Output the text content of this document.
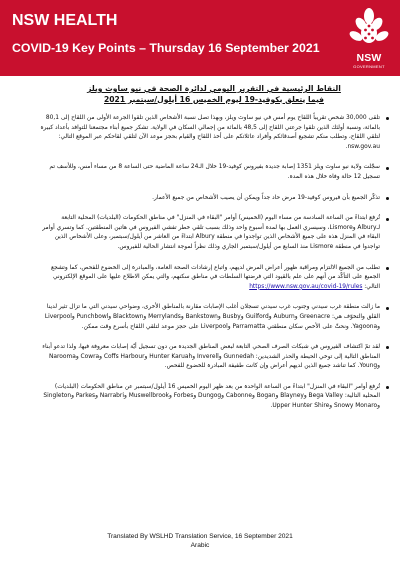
NSW HEALTH
COVID-19 Key Points – Thursday 16 September 2021
NSW
GOVERNMENT
النقاط الرئيسية في التقرير اليومي لدائرة الصحة في نيو ساوث ويلز
فيما يتعلق بكوفيد-19 ليوم الخميس 16 أيلول/سبتمبر 2021
تلقى 30,000 شخص تقريباً اللقاح يوم أمس في نيو ساوث ويلز، وبهذا تصل نسبة الأشخاص الذين تلقوا الجرعة الأولى من اللقاح إلى 80,1 بالمائة، ونسبة أولئك الذين تلقوا جرعتي اللقاح إلى 48,5 بالمائة من إجمالي السكان في الولاية. تشكر جميع أبناء مجتمعنا للتوافد بأعداد كبيرة لتلقي اللقاح، وتطلب منكم تشجيع أصدقائكم وأفراد عائلاتكم على أخذ اللقاح والقيام بحجز موعد الآن لتلقي لقاحكم عبر الموقع التالي: nsw.gov.au.
سجّلت ولاية نيو ساوث ويلز 1351 إصابة جديدة بفيروس كوفيد-19 خلال الـ24 ساعة الماضية حتى الساعة 8 من مساء أمس، وللأسف تم تسجيل 12 حالة وفاة خلال هذه المدة.
تذكّر الجميع بأن فيروس كوفيد-19 مرض حاد جداً ويمكن أن يصيب الأشخاص من جميع الأعمار.
تُرفع ابتداءً من الساعة السادسة من مساء اليوم (الخميس) أوامر "البقاء في المنزل" في مناطق الحكومات (البلديات) المحلية التابعة لـAlbury وLismore، وسيسري العمل بها لمدة أسبوع واحد وذلك بسبب تلقي خطر تفشي الفيروس في هاتين المنطقتين. كما وتسري أوامر البقاء في المنزل هذه على جميع الأشخاص الذين تواجدوا في منطقة Albury ابتداءً من العاشر من أيلول/سبتمبر، وعلى الأشخاص الذين تواجدوا في منطقة Lismore منذ السابع من أيلول/سبتمبر الجاري وذلك نظراً لموجة انتشار الحالية للفيروس.
تطلب من الجميع الالتزام ومراقبة ظهور أعراض المرض لديهم، واتباع إرشادات الصحة العامة، والمبادرة إلى الخضوع للفحص، كما وتشجع الجميع على التأكّد من أنهم على علم بالقيود التي فرضتها السلطات في مناطق سكنهم، والتي يمكن الاطلاع عليها على الموقع الإلكتروني التالي: https://www.nsw.gov.au/covid-19/rules
ما زالت منطقة غرب سيدني وجنوب غرب سيدني تسجلان أغلب الإصابات مقارنة بالمناطق الأخرى، وضواحي سيدني التي ما تزال تثير لدينا القلق والتخوّف هي: Greenacre وAuburn وGuilford وBusby وBankstown وMerrylands وBlacktown وPunchbowl وLiverpool وYagoona. ونحثّ على الأخص سكان منطقتي Parramatta وLiverpool على حجز موعد لتلقي اللقاح بأسرع وقت ممكن.
لقد تمّ اكتشاف الفيروس في شبكات الصرف الصحي التابعة لبعض المناطق الجديدة من دون تسجيل أيّة إصابات معروفة فيها، ولذا تدعو أبناء المناطق التالية إلى توخي الحيطة والحذر الشديدين: Gunnedah وInverell وHunter Karuah وCoffs Harbour وCowra وNarooma وYoung. كما تناشد جميع الذين لديهم أعراض وإن كانت طفيفة المبادرة للخضوع للفحص.
تُرفع أوامر "البقاء في المنزل" ابتداءً من الساعة الواحدة من بعد ظهر اليوم الخميس 16 أيلول/سبتمبر عن مناطق الحكومات (البلديات) المحلية التالية: Bega Valley وBlayney وBogan وCabonne وDungog وForbes وMuswellbrook وNarrabri وParkes وSingleton وSnowy Monaro وUpper Hunter Shire.
Translated By WSLHD Translation Service, 16 September 2021
Arabic
